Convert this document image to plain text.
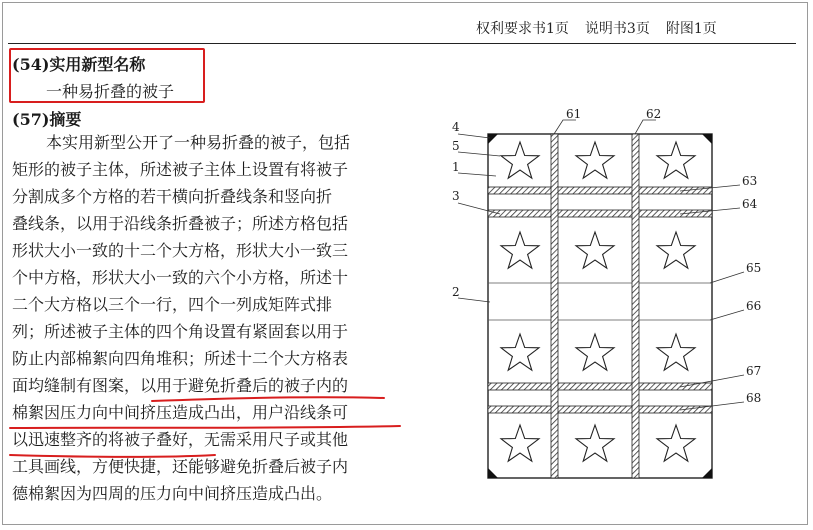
权利要求书1页 说明书3页 附图1页
(54)实用新型名称
一种易折叠的被子
(57)摘要
本实用新型公开了一种易折叠的被子，包括
矩形的被子主体，所述被子主体上设置有将被子
分割成多个方格的若干横向折叠线条和竖向折
叠线条，以用于沿线条折叠被子；所述方格包括
形状大小一致的十二个大方格，形状大小一致三
个中方格，形状大小一致的六个小方格，所述十
二个大方格以三个一行，四个一列成矩阵式排
列；所述被子主体的四个角设置有紧固套以用于
防止内部棉絮向四角堆积；所述十二个大方格表
面均缝制有图案，以用于避免折叠后的被子内的
棉絮因压力向中间挤压造成凸出，用户沿线条可
以迅速整齐的将被子叠好，无需采用尺子或其他
工具画线，方便快捷，还能够避免折叠后被子内
德棉絮因为四周的压力向中间挤压造成凸出。
61	62
4
5
1
63
3
64
65
2
66
67
68
